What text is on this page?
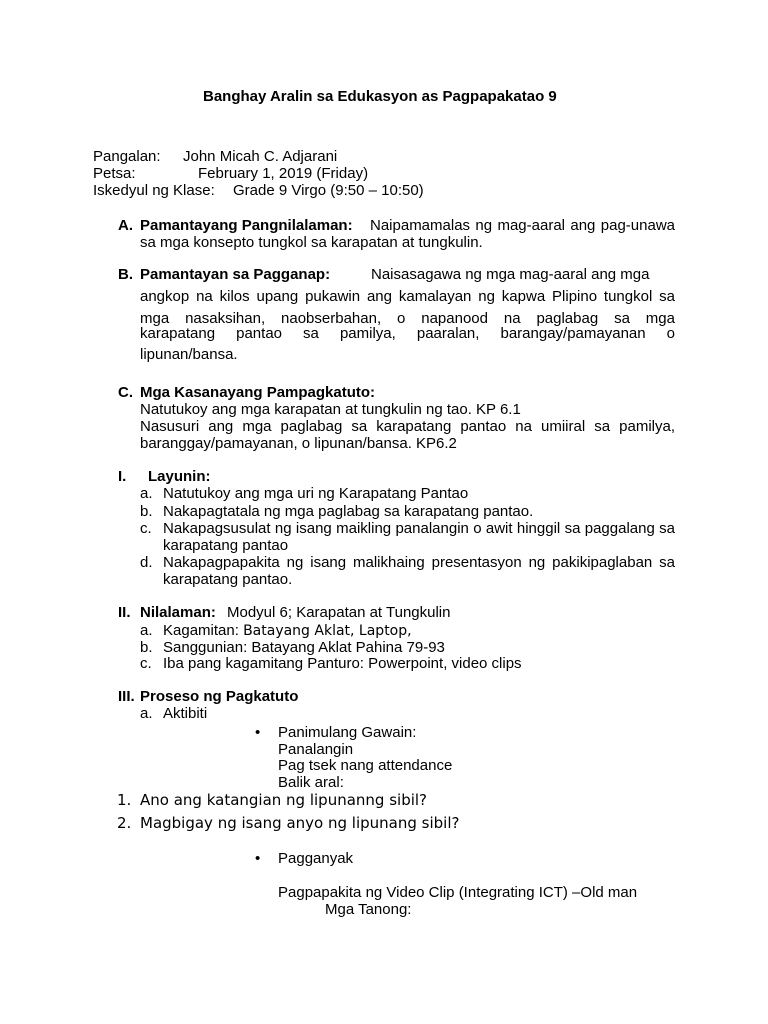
Banghay Aralin sa Edukasyon as Pagpapakatao 9
Pangalan: John Micah C. Adjarani
Petsa:	February 1, 2019 (Friday)
Iskedyul ng Klase: Grade 9 Virgo (9:50 – 10:50)
A. Pamantayang Pangnilalaman:	Naipamamalas ng mag-aaral ang pag-unawa sa mga konsepto tungkol sa karapatan at tungkulin.
B. Pamantayan sa Pagganap:	Naisasagawa ng mga mag-aaral ang mga
angkop na kilos upang pukawin ang kamalayan ng kapwa Plipino tungkol sa
mga nasaksihan, naobserbahan, o napanood na paglabag sa mga
karapatang pantao sa pamilya, paaralan, barangay/pamayanan o
lipunan/bansa.
C. Mga Kasanayang Pampagkatuto:
Natutukoy ang mga karapatan at tungkulin ng tao. KP 6.1
Nasusuri ang mga paglabag sa karapatang pantao na umiiral sa pamilya, baranggay/pamayanan, o lipunan/bansa. KP6.2
I. Layunin:
a. Natutukoy ang mga uri ng Karapatang Pantao
b. Nakapagtatala ng mga paglabag sa karapatang pantao.
c. Nakapagsusulat ng isang maikling panalangin o awit hinggil sa paggalang sa karapatang pantao
d. Nakapagpapakita ng isang malikhaing presentasyon ng pakikipaglaban sa karapatang pantao.
II. Nilalaman: Modyul 6; Karapatan at Tungkulin
a. Kagamitan: Batayang Aklat, Laptop,
b. Sanggunian: Batayang Aklat Pahina 79-93
c. Iba pang kagamitang Panturo: Powerpoint, video clips
III. Proseso ng Pagkatuto
a. Aktibiti
• Panimulang Gawain:
Panalangin
Pag tsek nang attendance
Balik aral:
1. Ano ang katangian ng lipunanng sibil?
2. Magbigay ng isang anyo ng lipunang sibil?
• Pagganyak
Pagpapakita ng Video Clip (Integrating ICT) –Old man
Mga Tanong:
